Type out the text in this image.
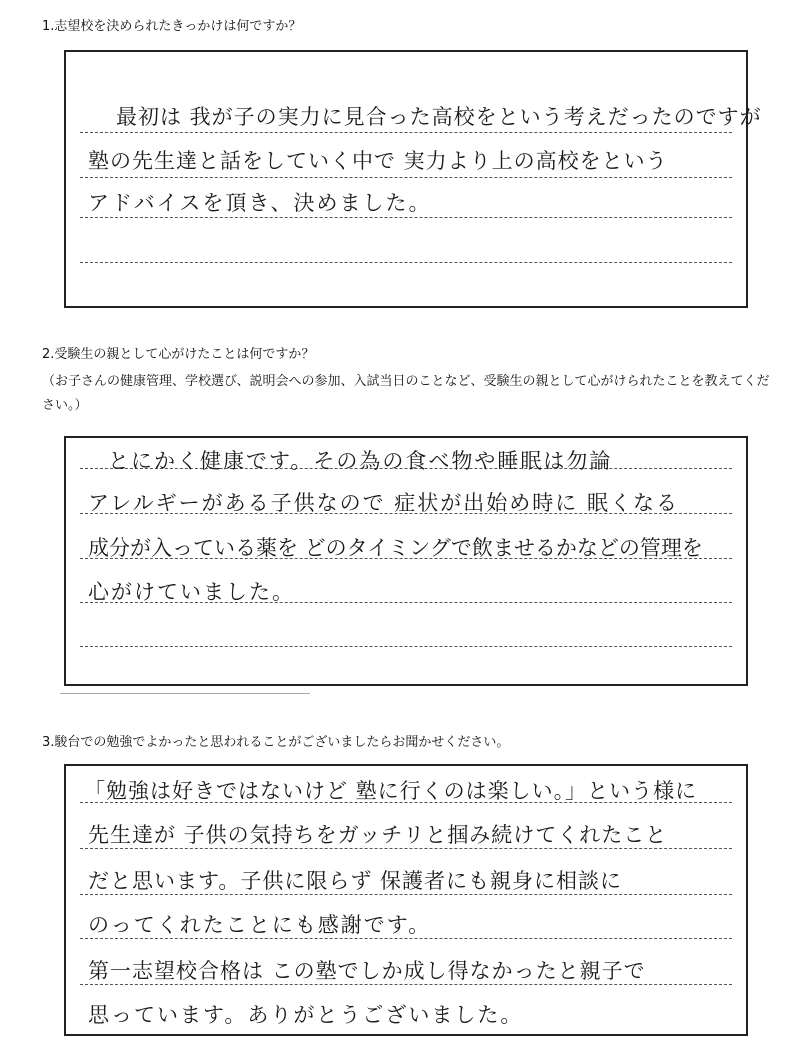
1.志望校を決められたきっかけは何ですか？

最初は 我が子の実力に見合った高校をという考えだったのですが
塾の先生達と話をしていく中で 実力より上の高校をという
アドバイスを頂き、決めました。

2.受験生の親として心がけたことは何ですか？

（お子さんの健康管理、学校選び、説明会への参加、入試当日のことなど、受験生の親として心がけられたことを教えてください。）

とにかく健康です。その為の食べ物や睡眠は勿論
アレルギーがある子供なので 症状が出始め時に 眠くなる
成分が入っている薬を どのタイミングで飲ませるかなどの管理を
心がけていました。

3.駿台での勉強でよかったと思われることがございましたらお聞かせください。

「勉強は好きではないけど 塾に行くのは楽しい。」という様に
先生達が 子供の気持ちをガッチリと掴み続けてくれたこと
だと思います。子供に限らず 保護者にも親身に相談に
のってくれたことにも感謝です。
第一志望校合格は この塾でしか成し得なかったと親子で
思っています。ありがとうございました。
